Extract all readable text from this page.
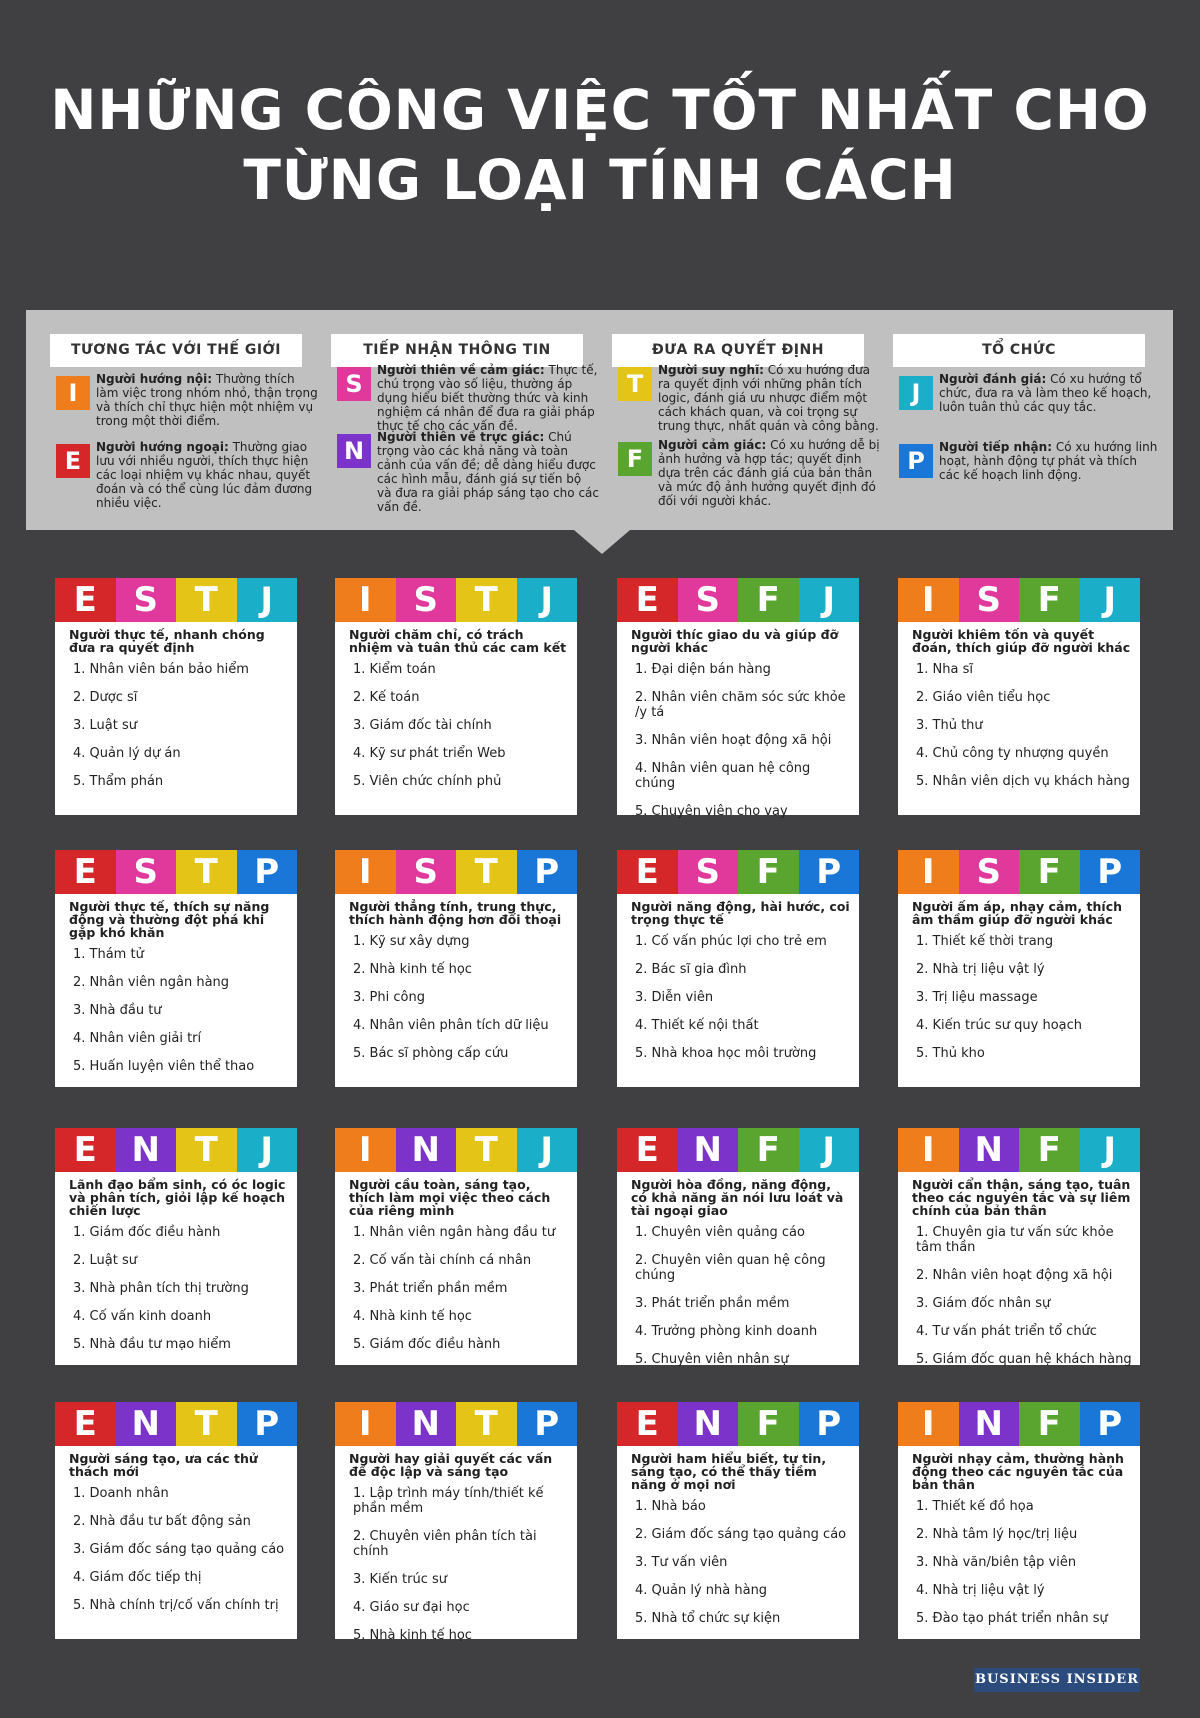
NHỮNG CÔNG VIỆC TỐT NHẤT CHO
TỪNG LOẠI TÍNH CÁCH
TƯƠNG TÁC VỚI THẾ GIỚI
I	Người hướng nội: Thường thích làm việc trong nhóm nhỏ, thận trọng và thích chỉ thực hiện một nhiệm vụ trong một thời điểm.
E	Người hướng ngoại: Thường giao lưu với nhiều người, thích thực hiện các loại nhiệm vụ khác nhau, quyết đoán và có thể cùng lúc đảm đương nhiều việc.
TIẾP NHẬN THÔNG TIN
S	Người thiên về cảm giác: Thực tế, chú trọng vào số liệu, thường áp dụng hiểu biết thường thức và kinh nghiệm cá nhân để đưa ra giải pháp thực tế cho các vấn đề.
N	Người thiên về trực giác: Chú trọng vào các khả năng và toàn cảnh của vấn đề; dễ dàng hiểu được các hình mẫu, đánh giá sự tiến bộ và đưa ra giải pháp sáng tạo cho các vấn đề.
ĐƯA RA QUYẾT ĐỊNH
T	Người suy nghĩ: Có xu hướng đưa ra quyết định với những phân tích logic, đánh giá ưu nhược điểm một cách khách quan, và coi trọng sự trung thực, nhất quán và công bằng.
F	Người cảm giác: Có xu hướng dễ bị ảnh hưởng và hợp tác; quyết định dựa trên các đánh giá của bản thân và mức độ ảnh hưởng quyết định đó đối với người khác.
TỔ CHỨC
J	Người đánh giá: Có xu hướng tổ chức, đưa ra và làm theo kế hoạch, luôn tuân thủ các quy tắc.
P	Người tiếp nhận: Có xu hướng linh hoạt, hành động tự phát và thích các kế hoạch linh động.
E	S	T	J
Người thực tế, nhanh chóng đưa ra quyết định
1. Nhân viên bán bảo hiểm
2. Dược sĩ
3. Luật sư
4. Quản lý dự án
5. Thẩm phán
I	S	T	J
Người chăm chỉ, có trách nhiệm và tuân thủ các cam kết
1. Kiểm toán
2. Kế toán
3. Giám đốc tài chính
4. Kỹ sư phát triển Web
5. Viên chức chính phủ
E	S	F	J
Người thíc giao du và giúp đỡ người khác
1. Đại diện bán hàng
2. Nhân viên chăm sóc sức khỏe /y tá
3. Nhân viên hoạt động xã hội
4. Nhân viên quan hệ công chúng
5. Chuyên viên cho vay
I	S	F	J
Người khiêm tốn và quyết đoán, thích giúp đỡ người khác
1. Nha sĩ
2. Giáo viên tiểu học
3. Thủ thư
4. Chủ công ty nhượng quyền
5. Nhân viên dịch vụ khách hàng
E	S	T	P
Người thực tế, thích sự năng động và thường đột phá khi gặp khó khăn
1. Thám tử
2. Nhân viên ngân hàng
3. Nhà đầu tư
4. Nhân viên giải trí
5. Huấn luyện viên thể thao
I	S	T	P
Người thẳng tính, trung thực, thích hành động hơn đối thoại
1. Kỹ sư xây dựng
2. Nhà kinh tế học
3. Phi công
4. Nhân viên phân tích dữ liệu
5. Bác sĩ phòng cấp cứu
E	S	F	P
Người năng động, hài hước, coi trọng thực tế
1. Cố vấn phúc lợi cho trẻ em
2. Bác sĩ gia đình
3. Diễn viên
4. Thiết kế nội thất
5. Nhà khoa học môi trường
I	S	F	P
Người ấm áp, nhạy cảm, thích âm thầm giúp đỡ người khác
1. Thiết kế thời trang
2. Nhà trị liệu vật lý
3. Trị liệu massage
4. Kiến trúc sư quy hoạch
5. Thủ kho
E	N	T	J
Lãnh đạo bẩm sinh, có óc logic và phân tích, giỏi lập kế hoạch chiến lược
1. Giám đốc điều hành
2. Luật sư
3. Nhà phân tích thị trường
4. Cố vấn kinh doanh
5. Nhà đầu tư mạo hiểm
I	N	T	J
Người cầu toàn, sáng tạo, thích làm mọi việc theo cách của riêng mình
1. Nhân viên ngân hàng đầu tư
2. Cố vấn tài chính cá nhân
3. Phát triển phần mềm
4. Nhà kinh tế học
5. Giám đốc điều hành
E	N	F	J
Người hòa đồng, năng động, có khả năng ăn nói lưu loát và tài ngoại giao
1. Chuyên viên quảng cáo
2. Chuyên viên quan hệ công chúng
3. Phát triển phần mềm
4. Trưởng phòng kinh doanh
5. Chuyên viên nhân sự
I	N	F	J
Người cẩn thận, sáng tạo, tuân theo các nguyên tắc và sự liêm chính của bản thân
1. Chuyên gia tư vấn sức khỏe tâm thần
2. Nhân viên hoạt động xã hội
3. Giám đốc nhân sự
4. Tư vấn phát triển tổ chức
5. Giám đốc quan hệ khách hàng
E	N	T	P
Người sáng tạo, ưa các thử thách mới
1. Doanh nhân
2. Nhà đầu tư bất động sản
3. Giám đốc sáng tạo quảng cáo
4. Giám đốc tiếp thị
5. Nhà chính trị/cố vấn chính trị
I	N	T	P
Người hay giải quyết các vấn đề độc lập và sáng tạo
1. Lập trình máy tính/thiết kế phần mềm
2. Chuyên viên phân tích tài chính
3. Kiến trúc sư
4. Giáo sư đại học
5. Nhà kinh tế học
E	N	F	P
Người ham hiểu biết, tự tin, sáng tạo, có thể thấy tiềm năng ở mọi nơi
1. Nhà báo
2. Giám đốc sáng tạo quảng cáo
3. Tư vấn viên
4. Quản lý nhà hàng
5. Nhà tổ chức sự kiện
I	N	F	P
Người nhạy cảm, thường hành động theo các nguyên tắc của bản thân
1. Thiết kế đồ họa
2. Nhà tâm lý học/trị liệu
3. Nhà văn/biên tập viên
4. Nhà trị liệu vật lý
5. Đào tạo phát triển nhân sự
BUSINESS INSIDER
